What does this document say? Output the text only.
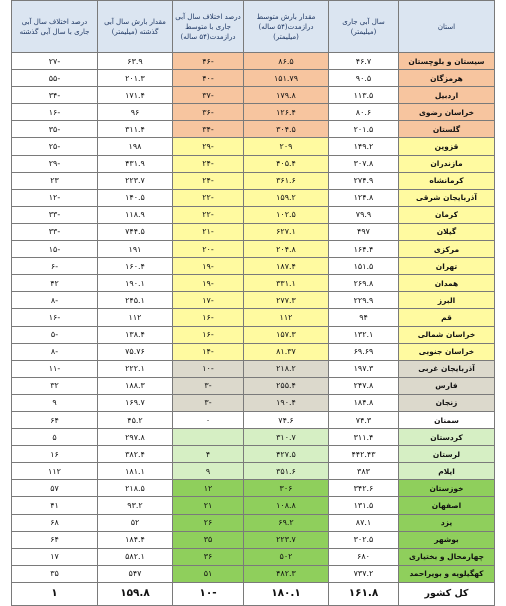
استان	سال آبی جاری (میلیمتر)	مقدار بارش متوسط درازمدت(۵۴ ساله) (میلیمتر)	درصد اختلاف سال آبی جاری با متوسط درازمدت(۵۴ ساله)	مقدار بارش سال آبی گذشته (میلیمتر)	درصد اختلاف سال آبی جاری با سال آبی گذشته
سیستان و بلوچستان	۴۶.۷	۸۶.۵	-۴۶	۶۳.۹	-۲۷
هرمزگان	۹۰.۵	۱۵۱.۷۹	-۴۰	۲۰۱.۳	-۵۵
اردبیل	۱۱۳.۵	۱۷۹.۸	-۳۷	۱۷۱.۴	-۳۴
خراسان رضوی	۸۰.۶	۱۲۶.۴	-۳۶	۹۶	-۱۶
گلستان	۲۰۱.۵	۳۰۴.۵	-۳۴	۳۱۱.۴	-۳۵
قزوین	۱۴۹.۲	۲۰۹	-۲۹	۱۹۸	-۲۵
مازندران	۳۰۷.۸	۴۰۵.۴	-۲۴	۴۳۱.۹	-۲۹
کرمانشاه	۲۷۴.۹	۳۶۱.۶	-۲۴	۲۲۳.۷	۲۳
آذربایجان شرقی	۱۲۴.۸	۱۵۹.۲	-۲۲	۱۴۰.۵	-۱۲
کرمان	۷۹.۹	۱۰۲.۵	-۲۲	۱۱۸.۹	-۳۳
گیلان	۴۹۷	۶۲۷.۱	-۲۱	۷۴۴.۵	-۳۳
مرکزی	۱۶۴.۴	۲۰۴.۸	-۲۰	۱۹۱	-۱۵
تهران	۱۵۱.۵	۱۸۷.۴	-۱۹	۱۶۰.۴	-۶
همدان	۲۶۹.۸	۳۳۱.۱	-۱۹	۱۹۰.۱	۴۲
البرز	۲۲۹.۹	۲۷۷.۳	-۱۷	۲۴۵.۱	-۸
قم	۹۴	۱۱۲	-۱۶	۱۱۲	-۱۶
خراسان شمالی	۱۳۲.۱	۱۵۷.۳	-۱۶	۱۳۸.۴	-۵
خراسان جنوبی	۶۹.۶۹	۸۱.۳۷	-۱۴	۷۵.۷۶	-۸
آذربایجان غربی	۱۹۷.۳	۲۱۸.۲	-۱۰	۲۲۲.۱	-۱۱
فارس	۲۴۷.۸	۲۵۵.۴	-۳	۱۸۸.۳	۳۲
زنجان	۱۸۴.۸	۱۹۰.۴	-۳	۱۶۹.۷	۹
سمنان	۷۴.۳	۷۴.۶	۰	۴۵.۲	۶۴
کردستان	۳۱۱.۴	۳۱۰.۷		۲۹۷.۸	۵
لرستان	۴۴۲.۴۳	۴۲۷.۵	۴	۳۸۲.۴	۱۶
ایلام	۳۸۳	۳۵۱.۶	۹	۱۸۱.۱	۱۱۲
خوزستان	۳۴۲.۶	۳۰۶	۱۲	۲۱۸.۵	۵۷
اصفهان	۱۳۱.۵	۱۰۸.۸	۲۱	۹۳.۲	۴۱
یزد	۸۷.۱	۶۹.۲	۲۶	۵۲	۶۸
بوشهر	۳۰۲.۵	۲۲۳.۷	۳۵	۱۸۴.۴	۶۴
چهارمحال و بختیاری	۶۸۰	۵۰۲	۳۶	۵۸۲.۱	۱۷
کهگیلویه و بویراحمد	۷۳۷.۲	۴۸۲.۳	۵۱	۵۴۷	۳۵
کل کشور	۱۶۱.۸	۱۸۰.۱	-۱۰	۱۵۹.۸	۱
